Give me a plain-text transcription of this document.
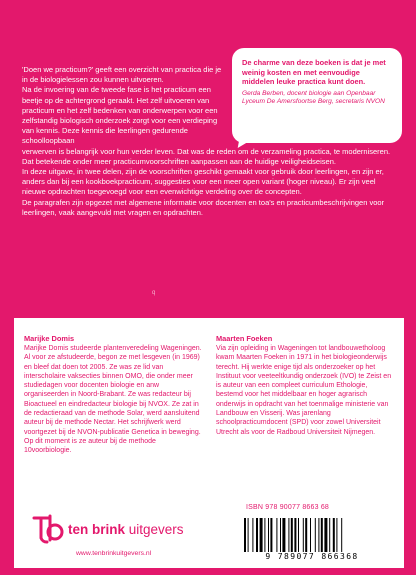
De charme van deze boeken is dat je met weinig kosten en met eenvoudige middelen leuke practica kunt doen.

Gerda Berben, docent biologie aan Openbaar Lyceum De Amersfoortse Berg, secretaris NVON

'Doen we practicum?' geeft een overzicht van practica die je in de biologielessen zou kunnen uitvoeren.

Na de invoering van de tweede fase is het practicum een beetje op de achtergrond geraakt. Het zelf uitvoeren van practicum en het zelf bedenken van onderwerpen voor een zelfstandig biologisch onderzoek zorgt voor een verdieping van kennis. Deze kennis die leerlingen gedurende schoolloopbaan

verwerven is belangrijk voor hun verder leven. Dat was de reden om de verzameling practica, te moderniseren. Dat betekende onder meer practicumvoorschriften aanpassen aan de huidige veiligheidseisen.

In deze uitgave, in twee delen, zijn de voorschriften geschikt gemaakt voor gebruik door leerlingen, en zijn er, anders dan bij een kookboekpracticum, suggesties voor een meer open variant (hoger niveau). Er zijn veel nieuwe opdrachten toegevoegd voor een evenwichtige verdeling over de concepten.

De paragrafen zijn opgezet met algemene informatie voor docenten en toa's en practicumbeschrijvingen voor leerlingen, vaak aangevuld met vragen en opdrachten.

q

Marijke Domis

Marijke Domis studeerde plantenveredeling Wageningen. Al voor ze afstudeerde, begon ze met lesgeven (in 1969) en bleef dat doen tot 2005. Ze was ze lid van interscholaire vaksecties binnen OMO, die onder meer studiedagen voor docenten biologie en anw organiseerden in Noord-Brabant. Ze was redacteur bij Bioactueel en eindredacteur biologie bij NVOX. Ze zat in de redactieraad van de methode Solar, werd aansluitend auteur bij de methode Nectar. Het schrijfwerk werd voortgezet bij de NVON-publicatie Genetica in beweging. Op dit moment is ze auteur bij de methode 10voorbiologie.

Maarten Foeken

Via zijn opleiding in Wageningen tot landbouwetholoog kwam Maarten Foeken in 1971 in het biologieonderwijs terecht. Hij werkte enige tijd als onderzoeker op het Instituut voor veeteeltkundig onderzoek (IVO) te Zeist en is auteur van een compleet curriculum Ethologie, bestemd voor het middelbaar en hoger agrarisch onderwijs in opdracht van het toenmalige ministerie van Landbouw en Visserij. Was jarenlang schoolpracticumdocent (SPD) voor zowel Universiteit Utrecht als voor de Radboud Universiteit Nijmegen.

ISBN 978 90077 8663 68
9 789077 866368
ten brink uitgevers
www.tenbrinkuitgevers.nl
